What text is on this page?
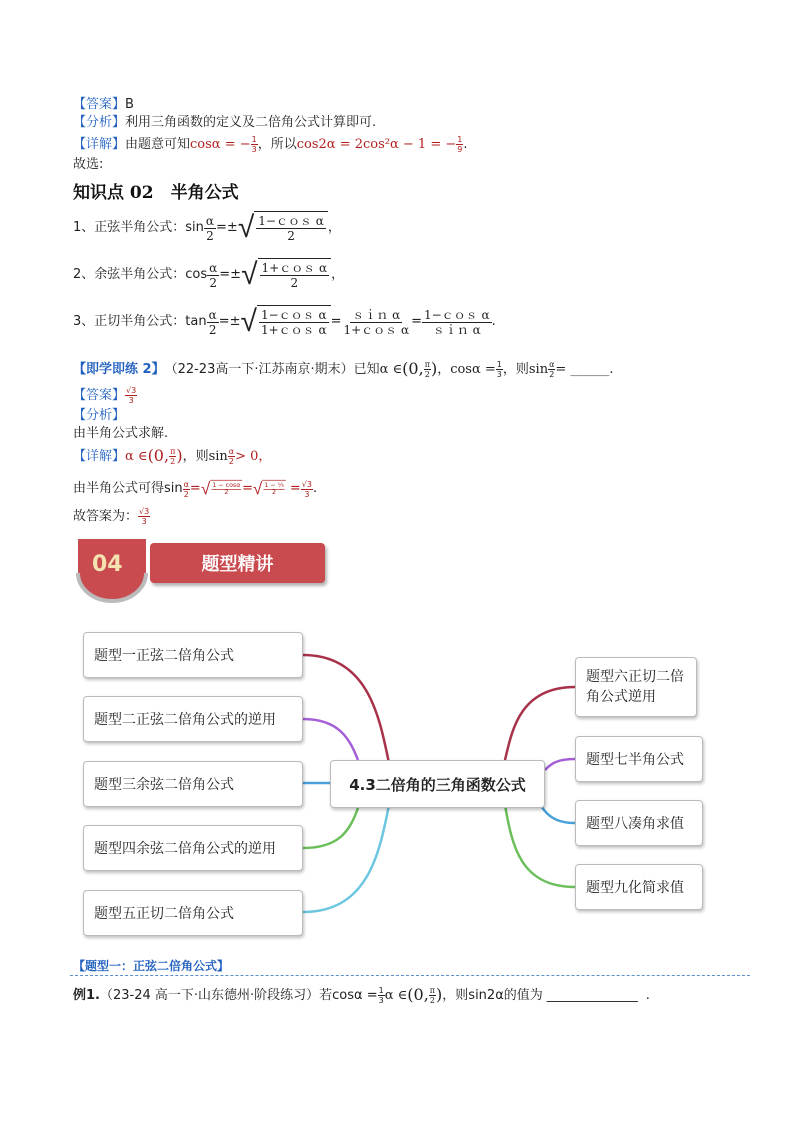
【答案】B
【分析】利用三角函数的定义及二倍角公式计算即可.
【详解】由题意可知cosα = − $\frac{1}{3}$ ，所以cos2α = 2cos²α − 1 = − $\frac{1}{9}$ .
故选:
知识点 02　半角公式
1、正弦半角公式：$\sin \frac{\alpha}{2}$ =± √ $\frac{\text{1−ｃｏｓ α}}{2}$ ，
2、余弦半角公式：$\cos \frac{\alpha}{2}$ =± √ $\frac{\text{1+ｃｏｓ α}}{2}$ ，
3、正切半角公式：$\tan \frac{\alpha}{2}$ =± √ $\frac{\text{1−ｃｏｓ α}}{\text{1+ｃｏｓ α}} = \frac{\text{ｓｉｎ α}}{\text{1+ｃｏｓ α}} = \frac{\text{1−ｃｏｓ α}}{\text{ｓｉｎ α}}$ .
【即学即练 2】 （22-23高一下·江苏南京·期末）已知 α ∈ (0, $\frac{\pi}{2}$ ) ，$\cos\alpha = \frac{1}{3}$ ，则$\sin \frac{\alpha}{2}$ = ______.
【答案】 $\frac{√3}{3}$
【分析】
由半角公式求解.
【详解】 α ∈ (0, $\frac{\pi}{2}$ ) ，则$\sin \frac{\alpha}{2} > 0$，
由半角公式可得$\sin \frac{\alpha}{2}$ = √ $\frac{1 - \cos\alpha}{2}$ = √ $\frac{\text{1 − ⅓}}{2} = \frac{√3}{3}$ .
故答案为： $\frac{√3}{3}$
04	题型精讲
4.3二倍角的三角函数公式
题型一正弦二倍角公式
题型二正弦二倍角公式的逆用
题型三余弦二倍角公式
题型四余弦二倍角公式的逆用
题型五正切二倍角公式
题型六正切二倍角公式逆用
题型七半角公式
题型八凑角求值
题型九化简求值
【题型一：正弦二倍角公式】
例1. （23-24 高一下·山东德州·阶段练习）若$\cos\alpha = \frac{1}{3}$ α ∈ (0, $\frac{\pi}{2}$ ) ，则sin2α的值为 ______________ .
